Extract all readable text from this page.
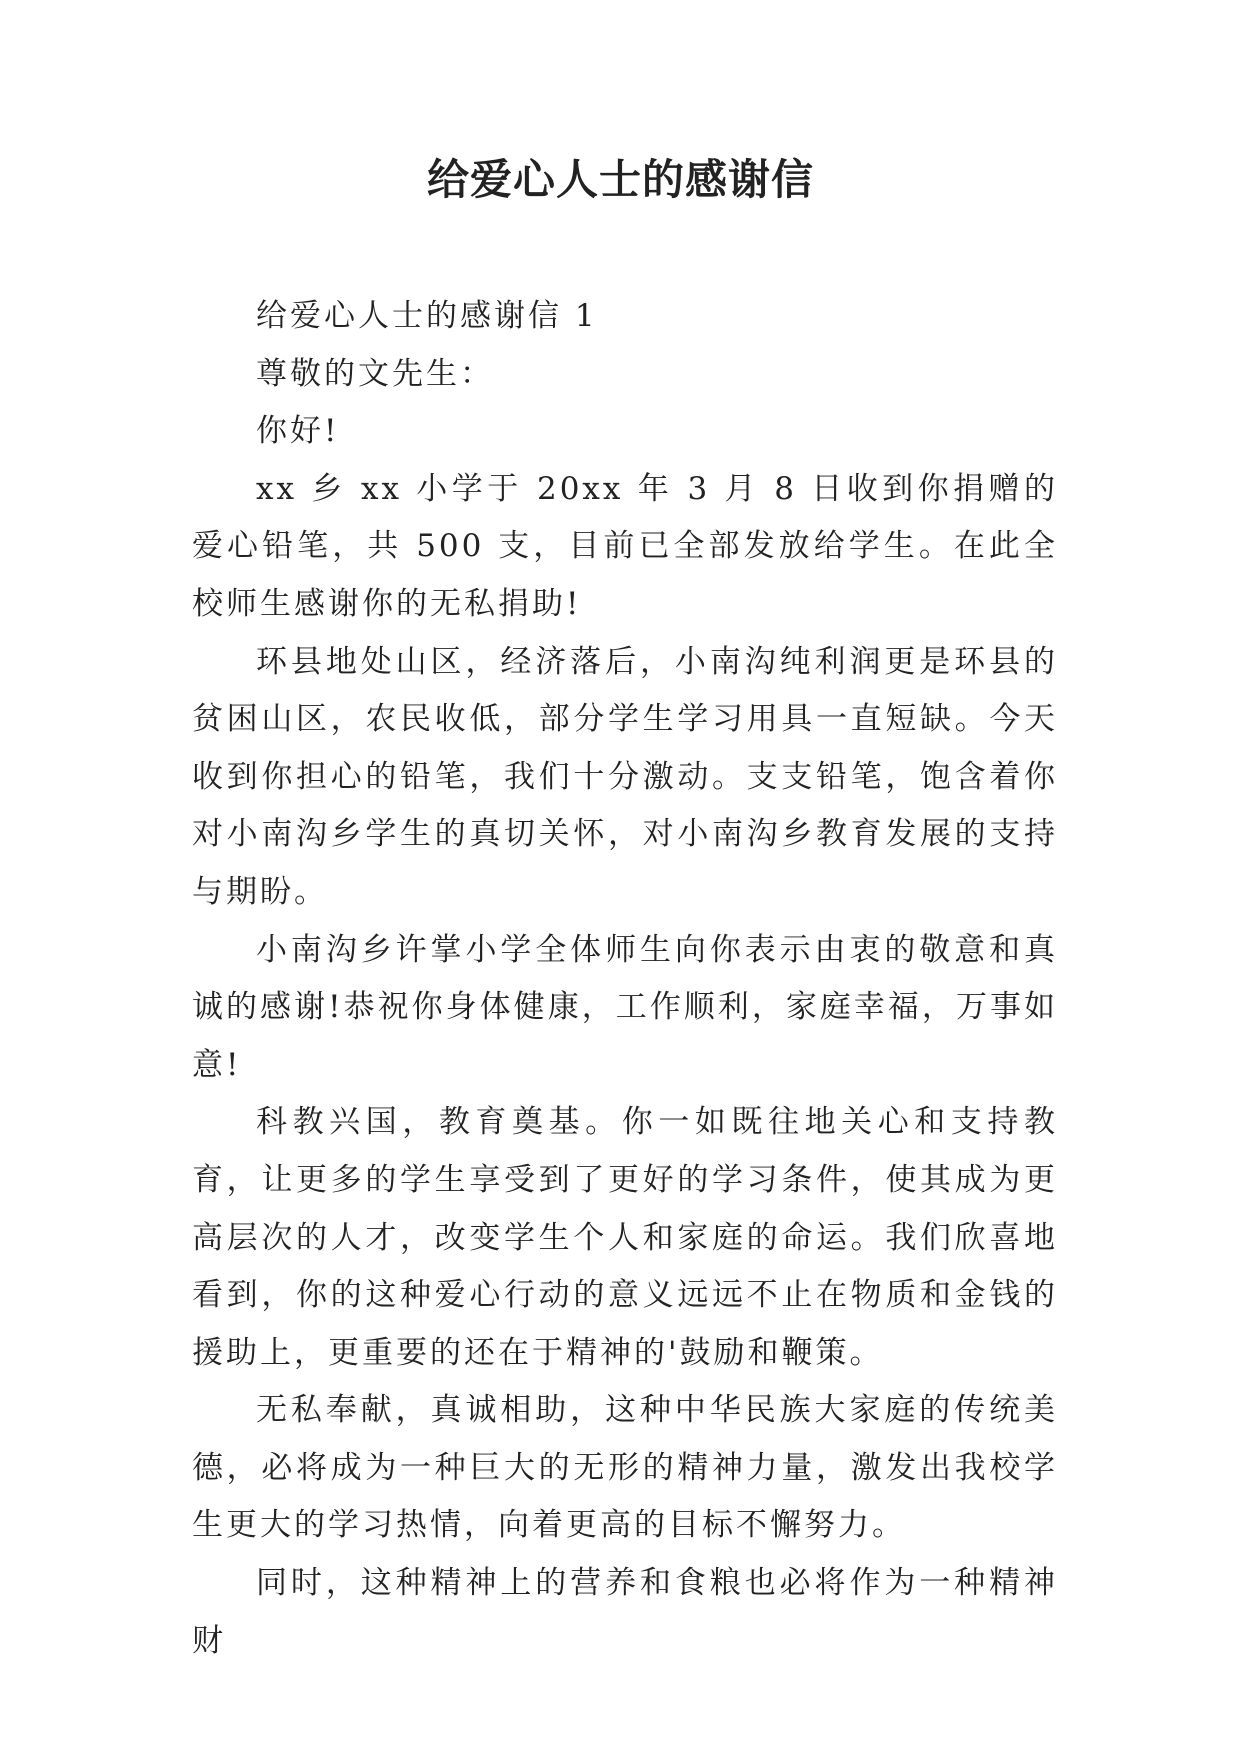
给爱心人士的感谢信

给爱心人士的感谢信 1

尊敬的文先生：

你好!

xx 乡 xx 小学于 20xx 年 3 月 8 日收到你捐赠的爱心铅笔，共 500 支，目前已全部发放给学生。在此全校师生感谢你的无私捐助!

环县地处山区，经济落后，小南沟纯利润更是环县的贫困山区，农民收低，部分学生学习用具一直短缺。今天收到你担心的铅笔，我们十分激动。支支铅笔，饱含着你对小南沟乡学生的真切关怀，对小南沟乡教育发展的支持与期盼。

小南沟乡许掌小学全体师生向你表示由衷的敬意和真诚的感谢!恭祝你身体健康，工作顺利，家庭幸福，万事如意!

科教兴国，教育奠基。你一如既往地关心和支持教育，让更多的学生享受到了更好的学习条件，使其成为更高层次的人才，改变学生个人和家庭的命运。我们欣喜地看到，你的这种爱心行动的意义远远不止在物质和金钱的援助上，更重要的还在于精神的'鼓励和鞭策。

无私奉献，真诚相助，这种中华民族大家庭的传统美德，必将成为一种巨大的无形的精神力量，激发出我校学生更大的学习热情，向着更高的目标不懈努力。

同时，这种精神上的营养和食粮也必将作为一种精神财
